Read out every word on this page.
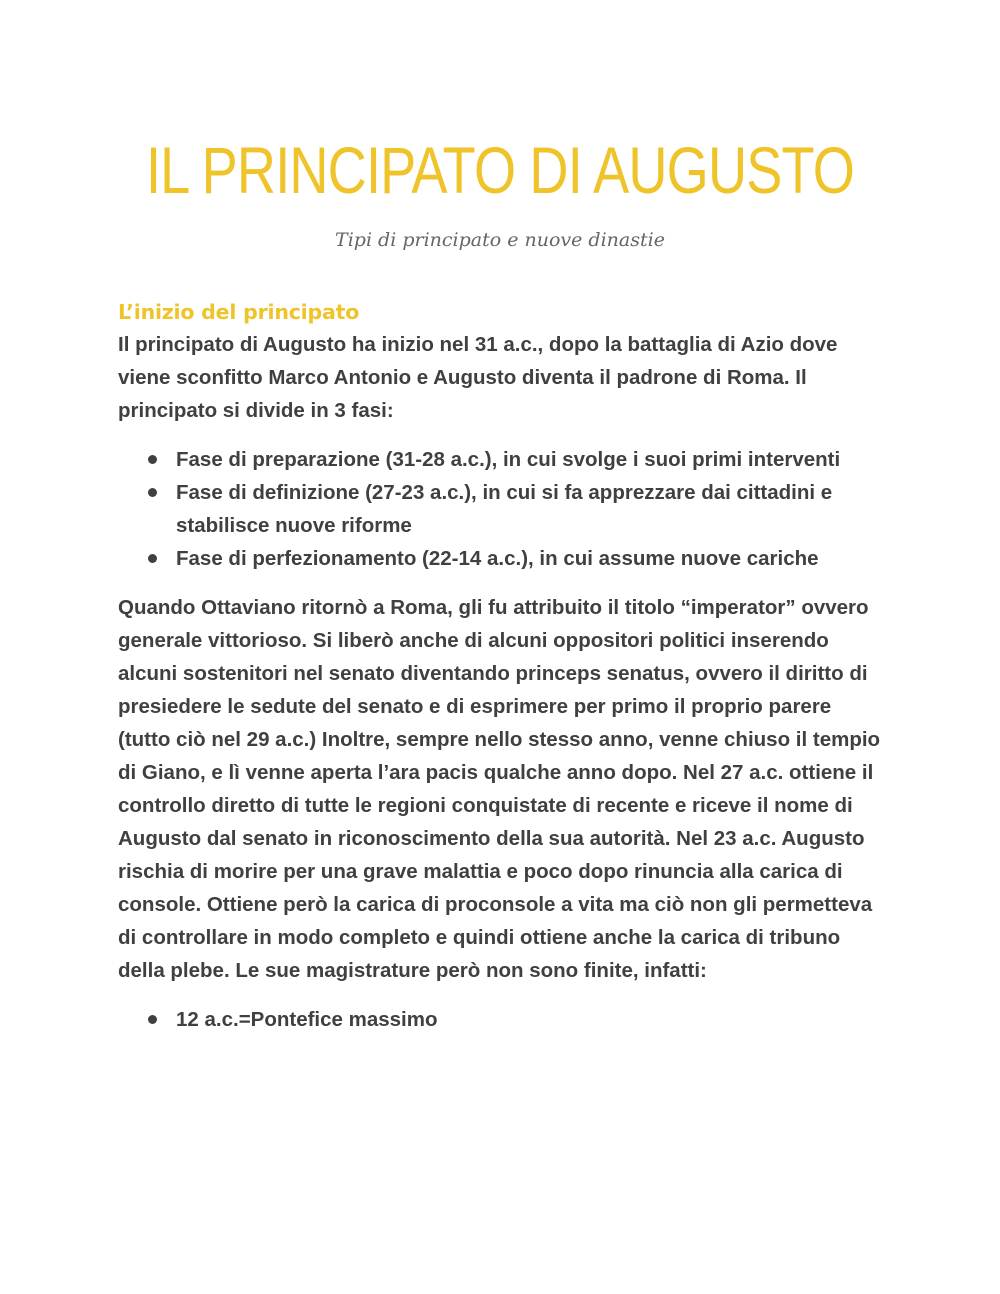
IL PRINCIPATO DI AUGUSTO
Tipi di principato e nuove dinastie
L’inizio del principato

Il principato di Augusto ha inizio nel 31 a.c., dopo la battaglia di Azio dove viene sconfitto Marco Antonio e Augusto diventa il padrone di Roma. Il principato si divide in 3 fasi:

Fase di preparazione (31-28 a.c.), in cui svolge i suoi primi interventi
Fase di definizione (27-23 a.c.), in cui si fa apprezzare dai cittadini e stabilisce nuove riforme
Fase di perfezionamento (22-14 a.c.), in cui assume nuove cariche

Quando Ottaviano ritornò a Roma, gli fu attribuito il titolo “imperator” ovvero generale vittorioso. Si liberò anche di alcuni oppositori politici inserendo alcuni sostenitori nel senato diventando princeps senatus, ovvero il diritto di presiedere le sedute del senato e di esprimere per primo il proprio parere (tutto ciò nel 29 a.c.) Inoltre, sempre nello stesso anno, venne chiuso il tempio di Giano, e lì venne aperta l’ara pacis qualche anno dopo. Nel 27 a.c. ottiene il controllo diretto di tutte le regioni conquistate di recente e riceve il nome di Augusto dal senato in riconoscimento della sua autorità. Nel 23 a.c. Augusto rischia di morire per una grave malattia e poco dopo rinuncia alla carica di console. Ottiene però la carica di proconsole a vita ma ciò non gli permetteva di controllare in modo completo e quindi ottiene anche la carica di tribuno della plebe. Le sue magistrature però non sono finite, infatti:

12 a.c.=Pontefice massimo
